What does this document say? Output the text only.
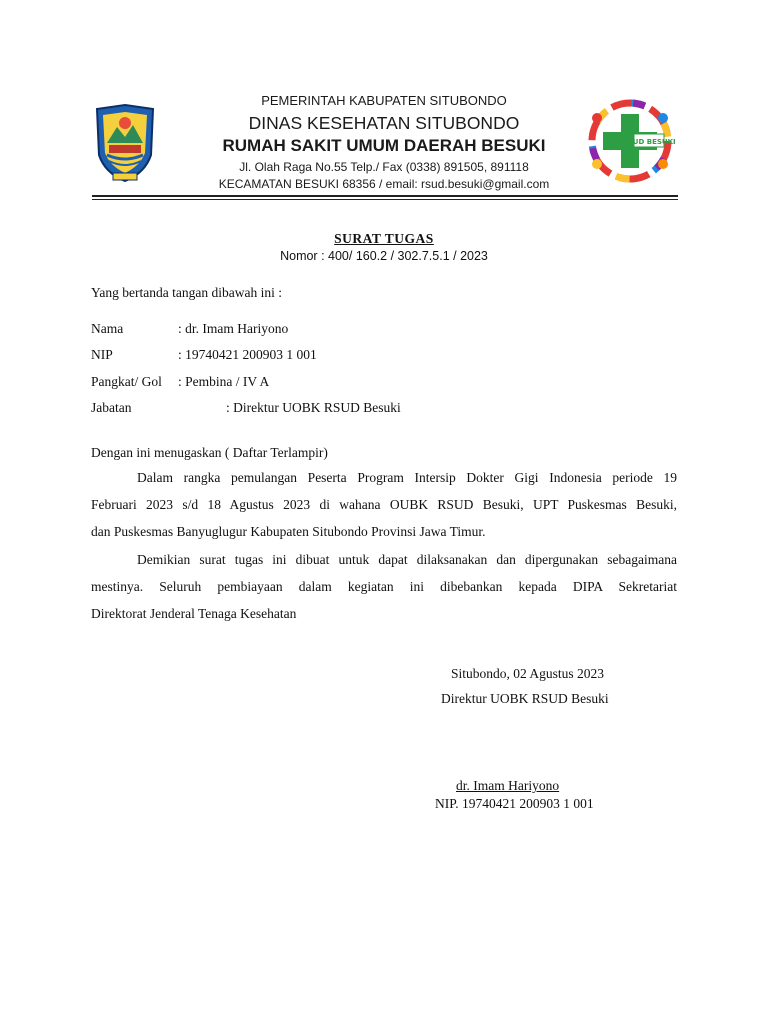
PEMERINTAH KABUPATEN SITUBONDO
DINAS KESEHATAN SITUBONDO
RUMAH SAKIT UMUM DAERAH BESUKI
Jl. Olah Raga No.55 Telp./ Fax (0338) 891505, 891118
KECAMATAN BESUKI 68356 / email: rsud.besuki@gmail.com
RSUD BESUKI
SURAT TUGAS
Nomor : 400/ 160.2 / 302.7.5.1 / 2023
Yang bertanda tangan dibawah ini :
Nama	: dr. Imam Hariyono
NIP	: 19740421 200903 1 001
Pangkat/ Gol : Pembina / IV A
Jabatan	: Direktur UOBK RSUD Besuki
Dengan ini menugaskan ( Daftar Terlampir)
Dalam rangka pemulangan Peserta Program Intersip Dokter Gigi Indonesia periode 19
Februari 2023 s/d 18 Agustus 2023 di wahana OUBK RSUD Besuki, UPT Puskesmas Besuki,
dan Puskesmas Banyuglugur Kabupaten Situbondo Provinsi Jawa Timur.
Demikian surat tugas ini dibuat untuk dapat dilaksanakan dan dipergunakan sebagaimana
mestinya. Seluruh pembiayaan dalam kegiatan ini dibebankan kepada DIPA Sekretariat
Direktorat Jenderal Tenaga Kesehatan
Situbondo, 02 Agustus 2023
Direktur UOBK RSUD Besuki
dr. Imam Hariyono
NIP. 19740421 200903 1 001
